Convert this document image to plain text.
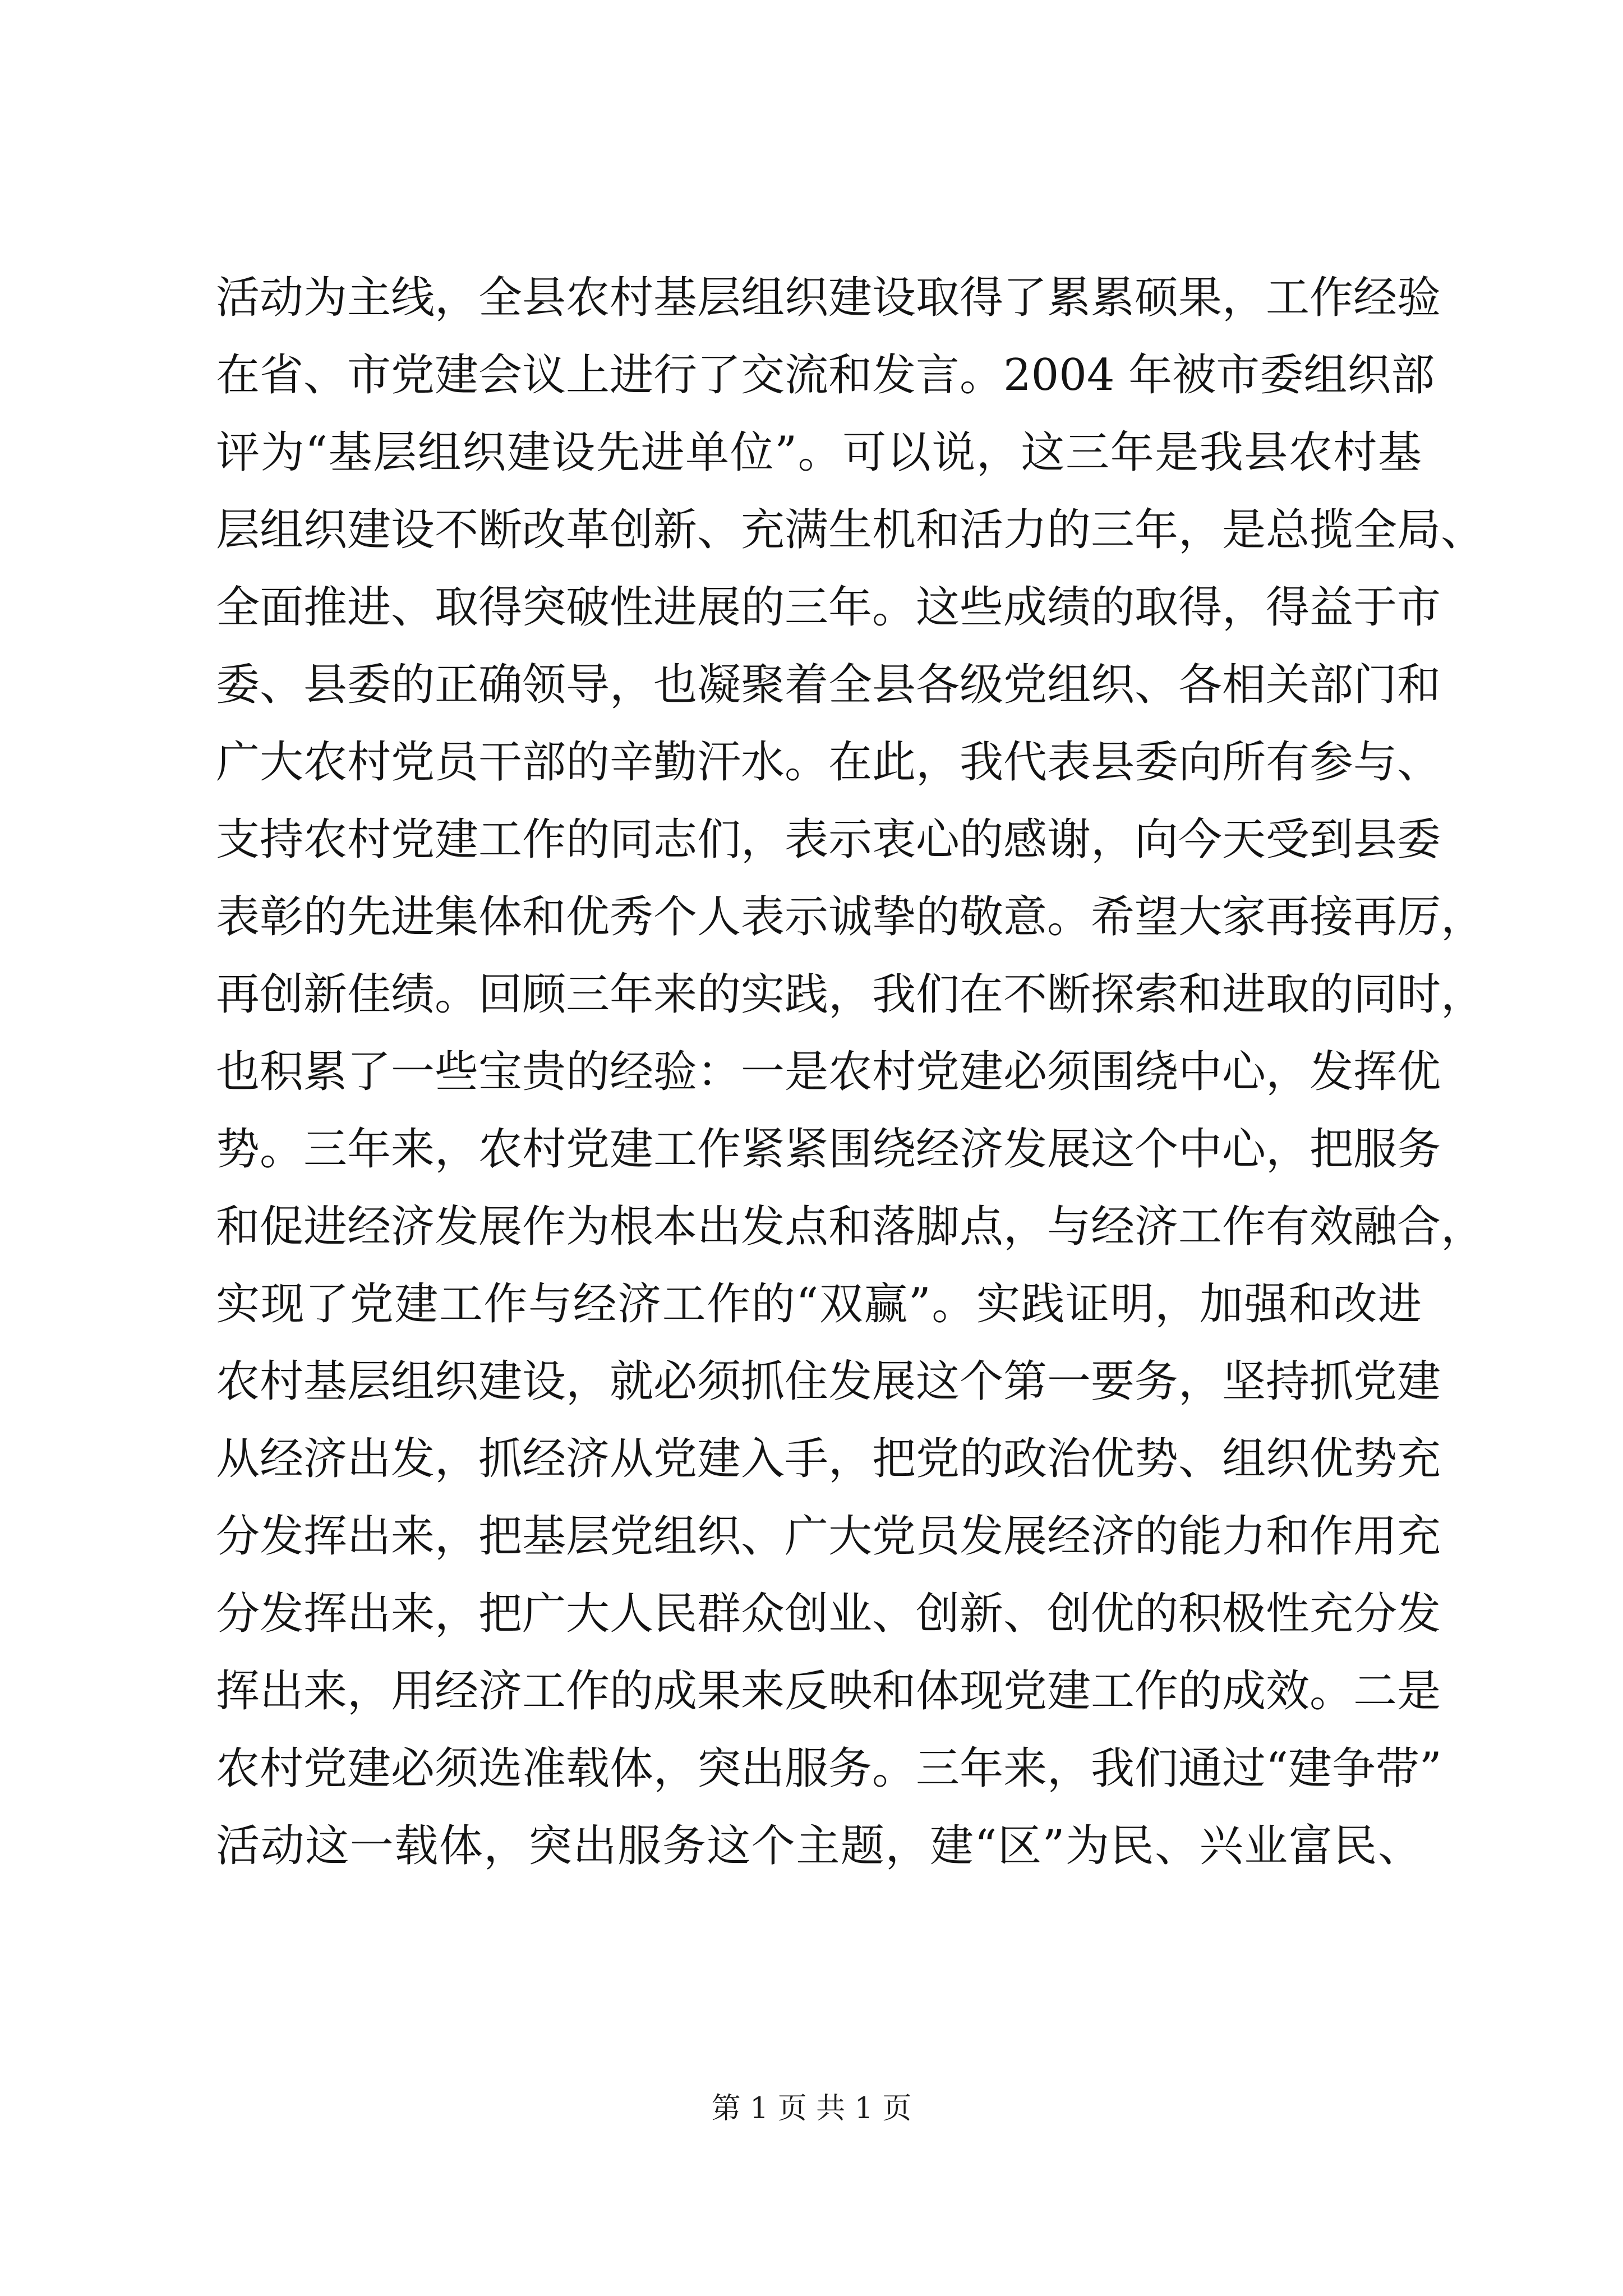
活动为主线，全县农村基层组织建设取得了累累硕果，工作经验
在省、市党建会议上进行了交流和发言。2004 年被市委组织部
评为“基层组织建设先进单位”。可以说，这三年是我县农村基
层组织建设不断改革创新、充满生机和活力的三年，是总揽全局、
全面推进、取得突破性进展的三年。这些成绩的取得，得益于市
委、县委的正确领导，也凝聚着全县各级党组织、各相关部门和
广大农村党员干部的辛勤汗水。在此，我代表县委向所有参与、
支持农村党建工作的同志们，表示衷心的感谢，向今天受到县委
表彰的先进集体和优秀个人表示诚挚的敬意。希望大家再接再厉，
再创新佳绩。回顾三年来的实践，我们在不断探索和进取的同时，
也积累了一些宝贵的经验：一是农村党建必须围绕中心，发挥优
势。三年来，农村党建工作紧紧围绕经济发展这个中心，把服务
和促进经济发展作为根本出发点和落脚点，与经济工作有效融合，
实现了党建工作与经济工作的“双赢”。实践证明，加强和改进
农村基层组织建设，就必须抓住发展这个第一要务，坚持抓党建
从经济出发，抓经济从党建入手，把党的政治优势、组织优势充
分发挥出来，把基层党组织、广大党员发展经济的能力和作用充
分发挥出来，把广大人民群众创业、创新、创优的积极性充分发
挥出来，用经济工作的成果来反映和体现党建工作的成效。二是
农村党建必须选准载体，突出服务。三年来，我们通过“建争带”
活动这一载体，突出服务这个主题，建“区”为民、兴业富民、
第 1 页 共 1 页
